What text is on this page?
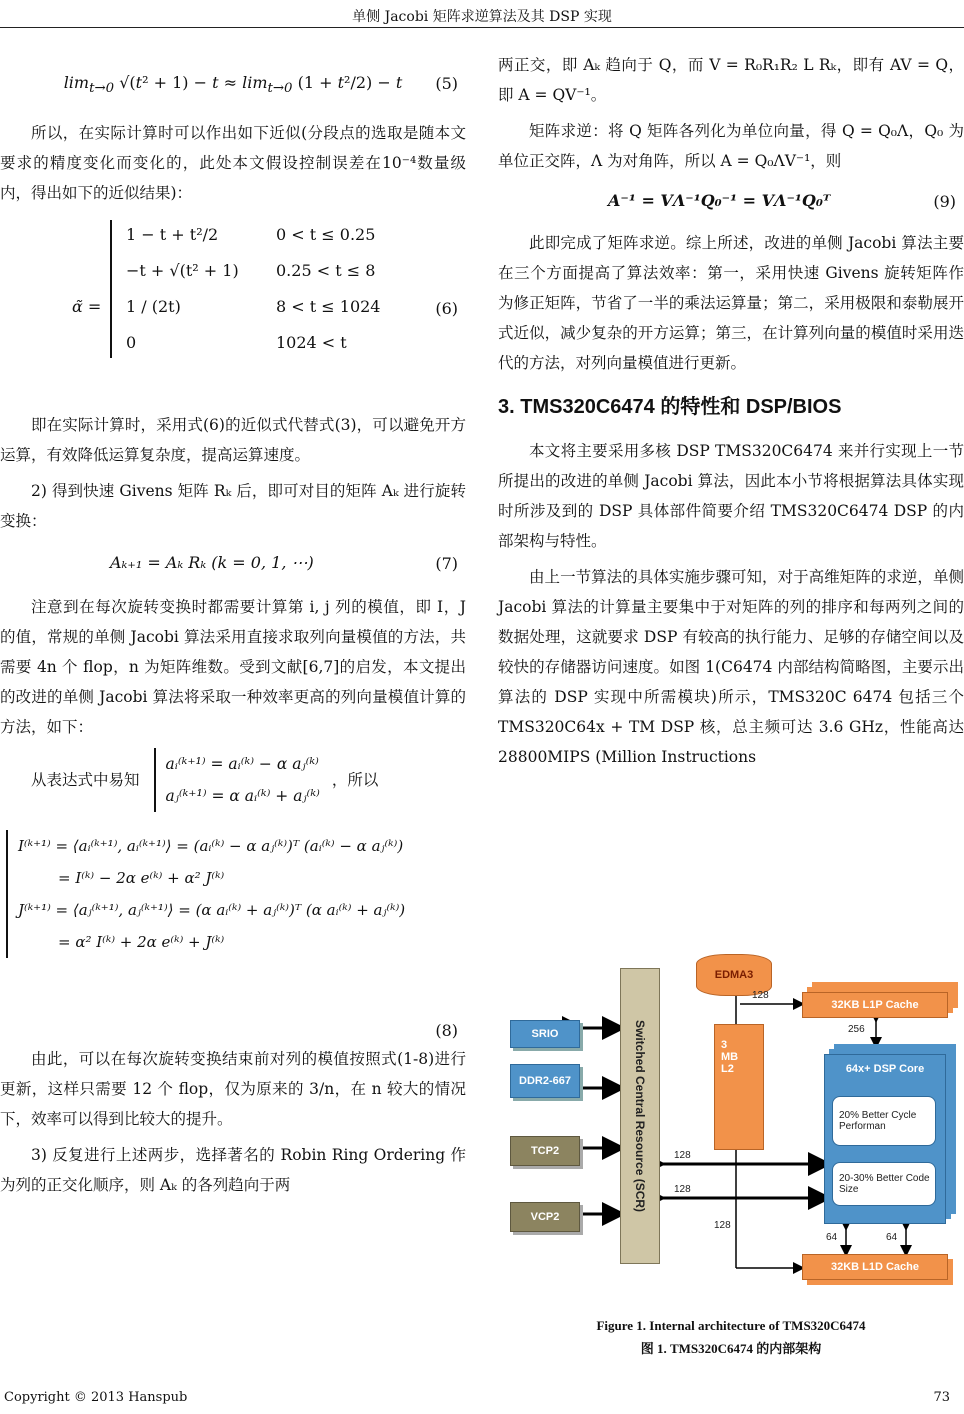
单侧 Jacobi 矩阵求逆算法及其 DSP 实现
$\lim_{t\to 0} √(t^2 + 1) - t \approx \lim_{t\to 0} (1 + t^2/2) - t$	(5)

所以，在实际计算时可以作出如下近似(分段点的选取是随本文要求的精度变化而变化的，此处本文假设控制误差在10⁻⁴数量级内，得出如下的近似结果)：

α̃ =
1 − t + t²/2	0 < t ≤ 0.25
−t + √(t² + 1)	0.25 < t ≤ 8
1 / (2t)	8 < t ≤ 1024
0	1024 < t
(6)

即在实际计算时，采用式(6)的近似式代替式(3)，可以避免开方运算，有效降低运算复杂度，提高运算速度。

2) 得到快速 Givens 矩阵 Rₖ 后，即可对目的矩阵 Aₖ 进行旋转变换：

Aₖ₊₁ = Aₖ Rₖ (k = 0, 1, ⋯)	(7)

注意到在每次旋转变换时都需要计算第 i, j 列的模值，即 I，J 的值，常规的单侧 Jacobi 算法采用直接求取列向量模值的方法，共需要 4n 个 flop，n 为矩阵维数。受到文献[6,7]的启发，本文提出的改进的单侧 Jacobi 算法将采取一种效率更高的列向量模值计算的方法，如下：

从表达式中易知
aᵢ⁽ᵏ⁺¹⁾ = aᵢ⁽ᵏ⁾ − α aⱼ⁽ᵏ⁾
aⱼ⁽ᵏ⁺¹⁾ = α aᵢ⁽ᵏ⁾ + aⱼ⁽ᵏ⁾
，所以
I⁽ᵏ⁺¹⁾ = ⟨aᵢ⁽ᵏ⁺¹⁾, aᵢ⁽ᵏ⁺¹⁾⟩ = (aᵢ⁽ᵏ⁾ − α aⱼ⁽ᵏ⁾)ᵀ (aᵢ⁽ᵏ⁾ − α aⱼ⁽ᵏ⁾)
= I⁽ᵏ⁾ − 2α e⁽ᵏ⁾ + α² J⁽ᵏ⁾
J⁽ᵏ⁺¹⁾ = ⟨aⱼ⁽ᵏ⁺¹⁾, aⱼ⁽ᵏ⁺¹⁾⟩ = (α aᵢ⁽ᵏ⁾ + aⱼ⁽ᵏ⁾)ᵀ (α aᵢ⁽ᵏ⁾ + aⱼ⁽ᵏ⁾)
= α² I⁽ᵏ⁾ + 2α e⁽ᵏ⁾ + J⁽ᵏ⁾
(8)

由此，可以在每次旋转变换结束前对列的模值按照式(1-8)进行更新，这样只需要 12 个 flop，仅为原来的 3/n，在 n 较大的情况下，效率可以得到比较大的提升。

3) 反复进行上述两步，选择著名的 Robin Ring Ordering 作为列的正交化顺序，则 Aₖ 的各列趋向于两

两正交，即 Aₖ 趋向于 Q，而 V = R₀R₁R₂ L Rₖ，即有 AV = Q，即 A = QV⁻¹。

矩阵求逆：将 Q 矩阵各列化为单位向量，得 Q = Q₀Λ，Q₀ 为单位正交阵，Λ 为对角阵，所以 A = Q₀ΛV⁻¹，则

A⁻¹ = VΛ⁻¹Q₀⁻¹ = VΛ⁻¹Q₀ᵀ	(9)

此即完成了矩阵求逆。综上所述，改进的单侧 Jacobi 算法主要在三个方面提高了算法效率：第一，采用快速 Givens 旋转矩阵作为修正矩阵，节省了一半的乘法运算量；第二，采用极限和泰勒展开式近似，减少复杂的开方运算；第三，在计算列向量的模值时采用迭代的方法，对列向量模值进行更新。

3. TMS320C6474 的特性和 DSP/BIOS

本文将主要采用多核 DSP TMS320C6474 来并行实现上一节所提出的改进的单侧 Jacobi 算法，因此本小节将根据算法具体实现时所涉及到的 DSP 具体部件简要介绍 TMS320C6474 DSP 的内部架构与特性。

由上一节算法的具体实施步骤可知，对于高维矩阵的求逆，单侧 Jacobi 算法的计算量主要集中于对矩阵的列的排序和每两列之间的数据处理，这就要求 DSP 有较高的执行能力、足够的存储空间以及较快的存储器访问速度。如图 1(C6474 内部结构简略图，主要示出算法的 DSP 实现中所需模块)所示，TMS320C 6474 包括三个 TMS320C64x + TM DSP 核，总主频可达 3.6 GHz，性能高达 28800MIPS (Million Instructions

EDMA3
Switched Central Resource (SCR)
SRIO
DDR2-667
TCP2
VCP2
3
MB
L2
32KB L1P Cache
64x+ DSP Core
20% Better Cycle Performan
20-30% Better Code Size
32KB L1D Cache
128
256
128
128
128
64	64
Figure 1. Internal architecture of TMS320C6474
图 1. TMS320C6474 的内部架构
Copyright © 2013 Hanspub	73
